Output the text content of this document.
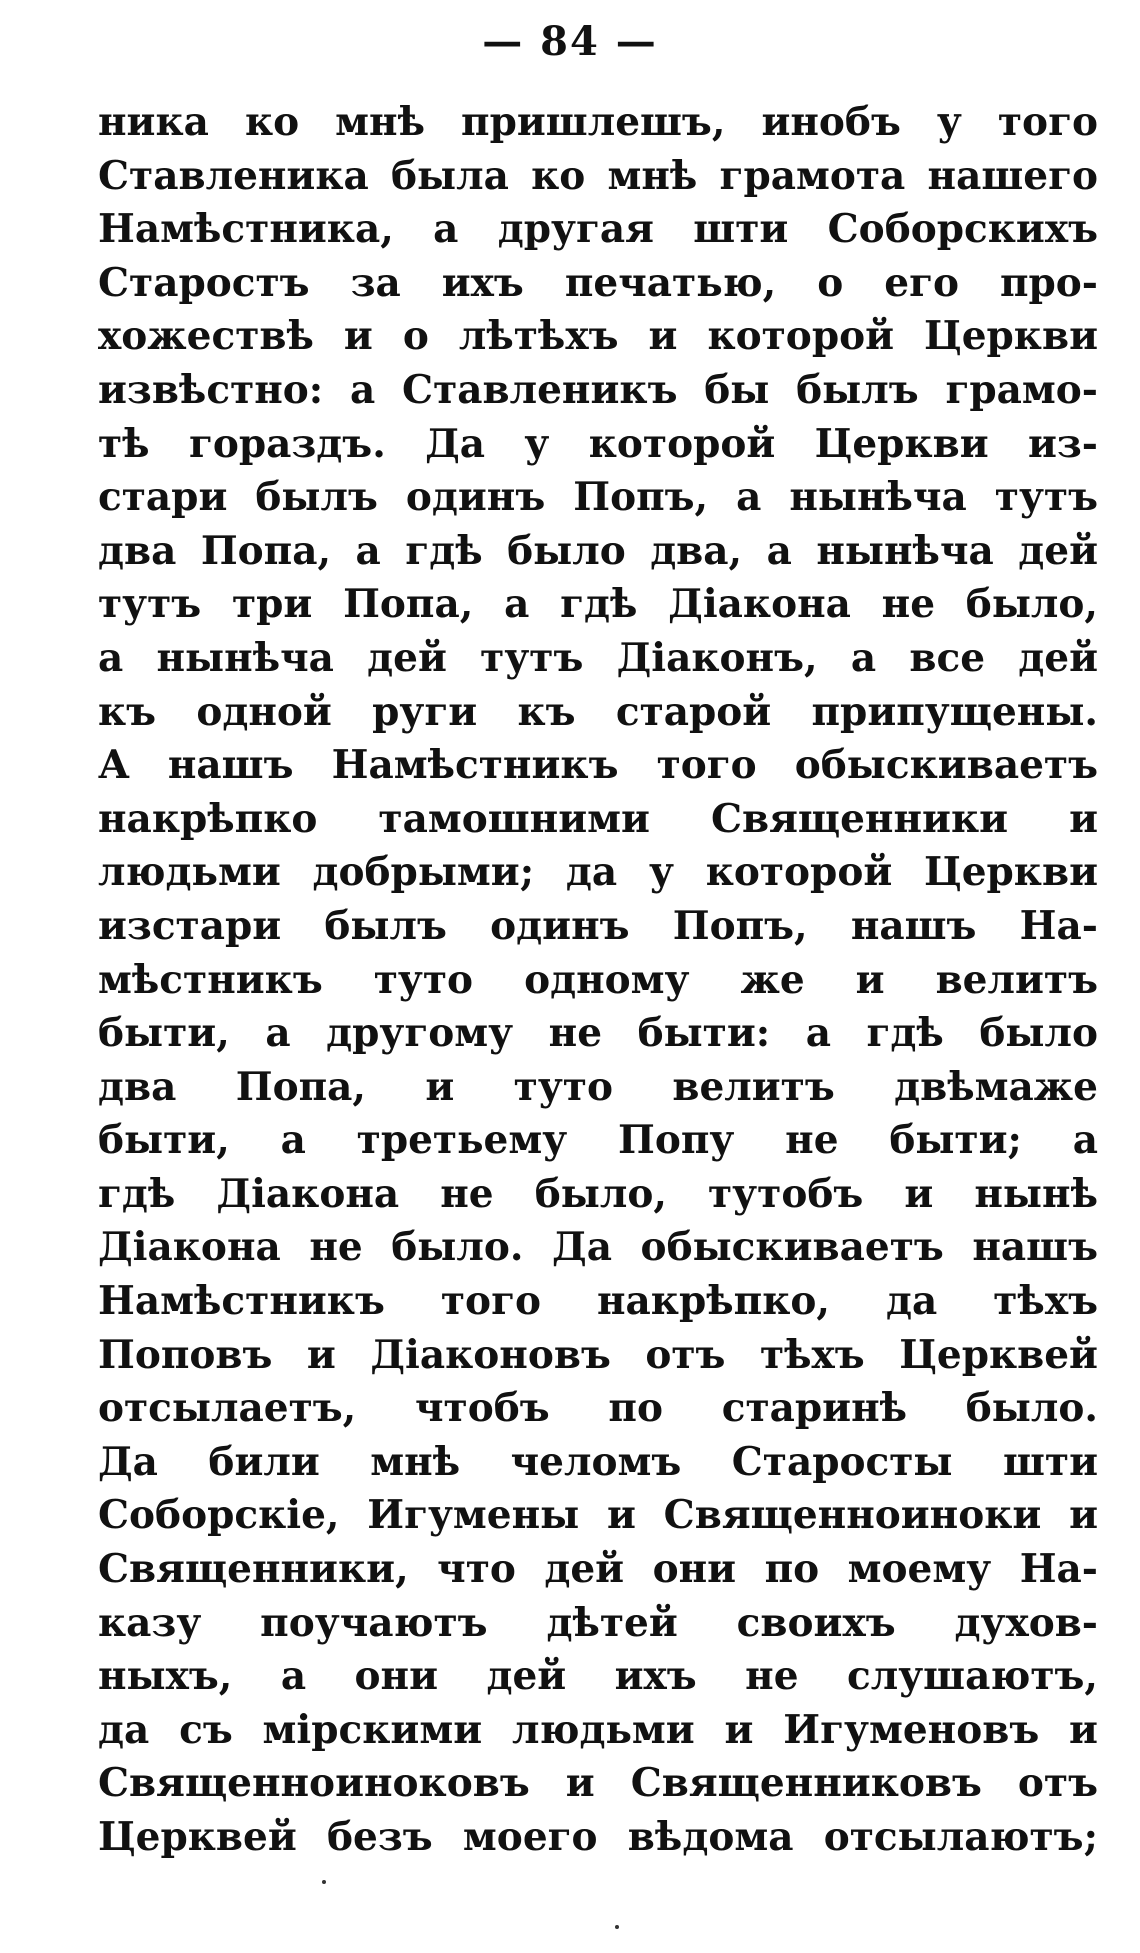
— 84 —
ника ко мнѣ пришлешъ, инобъ у того
Ставленика была ко мнѣ грамота нашего
Намѣстника, а другая шти Соборскихъ
Старостъ за ихъ печатью, о его про-
хожествѣ и о лѣтѣхъ и которой Церкви
извѣстно: а Ставленикъ бы былъ грамо-
тѣ гораздъ. Да у которой Церкви из-
стари былъ одинъ Попъ, а нынѣча тутъ
два Попа, а гдѣ было два, а нынѣча дей
тутъ три Попа, а гдѣ Діакона не было,
а нынѣча дей тутъ Діаконъ, а все дей
къ одной руги къ старой припущены.
А нашъ Намѣстникъ того обыскиваетъ
накрѣпко тамошними Священники и
людьми добрыми; да у которой Церкви
изстари былъ одинъ Попъ, нашъ На-
мѣстникъ туто одному же и велитъ
быти, а другому не быти: а гдѣ было
два Попа, и туто велитъ двѣмаже
быти, а третьему Попу не быти; а
гдѣ Діакона не было, тутобъ и нынѣ
Діакона не было. Да обыскиваетъ нашъ
Намѣстникъ того накрѣпко, да тѣхъ
Поповъ и Діаконовъ отъ тѣхъ Церквей
отсылаетъ, чтобъ по старинѣ было.
Да били мнѣ челомъ Старосты шти
Соборскіе, Игумены и Священноиноки и
Священники, что дей они по моему На-
казу поучаютъ дѣтей своихъ духов-
ныхъ, а они дей ихъ не слушаютъ,
да съ мірскими людьми и Игуменовъ и
Священноиноковъ и Священниковъ отъ
Церквей безъ моего вѣдома отсылаютъ;
